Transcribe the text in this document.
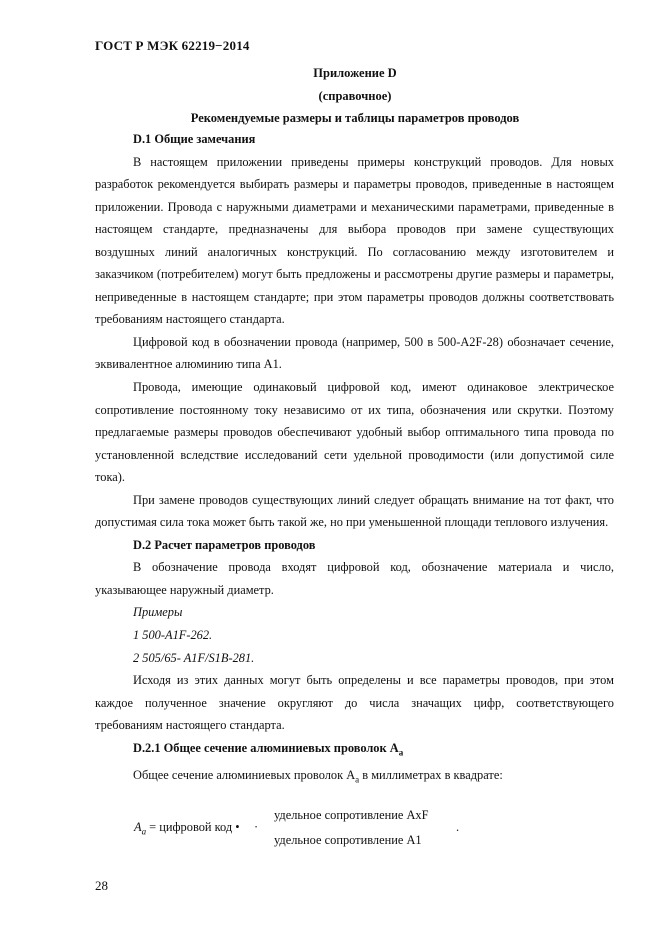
ГОСТ Р МЭК 62219−2014
Приложение D
(справочное)
Рекомендуемые размеры и таблицы параметров проводов
D.1 Общие замечания

В настоящем приложении приведены примеры конструкций проводов. Для новых разработок рекомендуется выбирать размеры и параметры проводов, приведенные в настоящем приложении. Провода с наружными диаметрами и механическими параметрами, приведенные в настоящем стандарте, предназначены для выбора проводов при замене существующих воздушных линий аналогичных конструкций. По согласованию между изготовителем и заказчиком (потребителем) могут быть предложены и рассмотрены другие размеры и параметры, неприведенные в настоящем стандарте; при этом параметры проводов должны соответствовать требованиям настоящего стандарта.

Цифровой код в обозначении провода (например, 500 в 500-A2F-28) обозначает сечение, эквивалентное алюминию типа A1.

Провода, имеющие одинаковый цифровой код, имеют одинаковое электрическое сопротивление постоянному току независимо от их типа, обозначения или скрутки. Поэтому предлагаемые размеры проводов обеспечивают удобный выбор оптимального типа провода по установленной вследствие исследований сети удельной проводимости (или допустимой силе тока).

При замене проводов существующих линий следует обращать внимание на тот факт, что допустимая сила тока может быть такой же, но при уменьшенной площади теплового излучения.

D.2 Расчет параметров проводов

В обозначение провода входят цифровой код, обозначение материала и число, указывающее наружный диаметр.

Примеры
1 500-A1F-262.
2 505/65- A1F/S1B-281.

Исходя из этих данных могут быть определены и все параметры проводов, при этом каждое полученное значение округляют до числа значащих цифр, соответствующего требованиям настоящего стандарта.

D.2.1 Общее сечение алюминиевых проволок $A_a$

Общее сечение алюминиевых проволок $A_a$ в миллиметрах в квадрате:

$A_a$ = цифровой код • ·
удельное сопротивление AxF
.
удельное сопротивление A1
28
